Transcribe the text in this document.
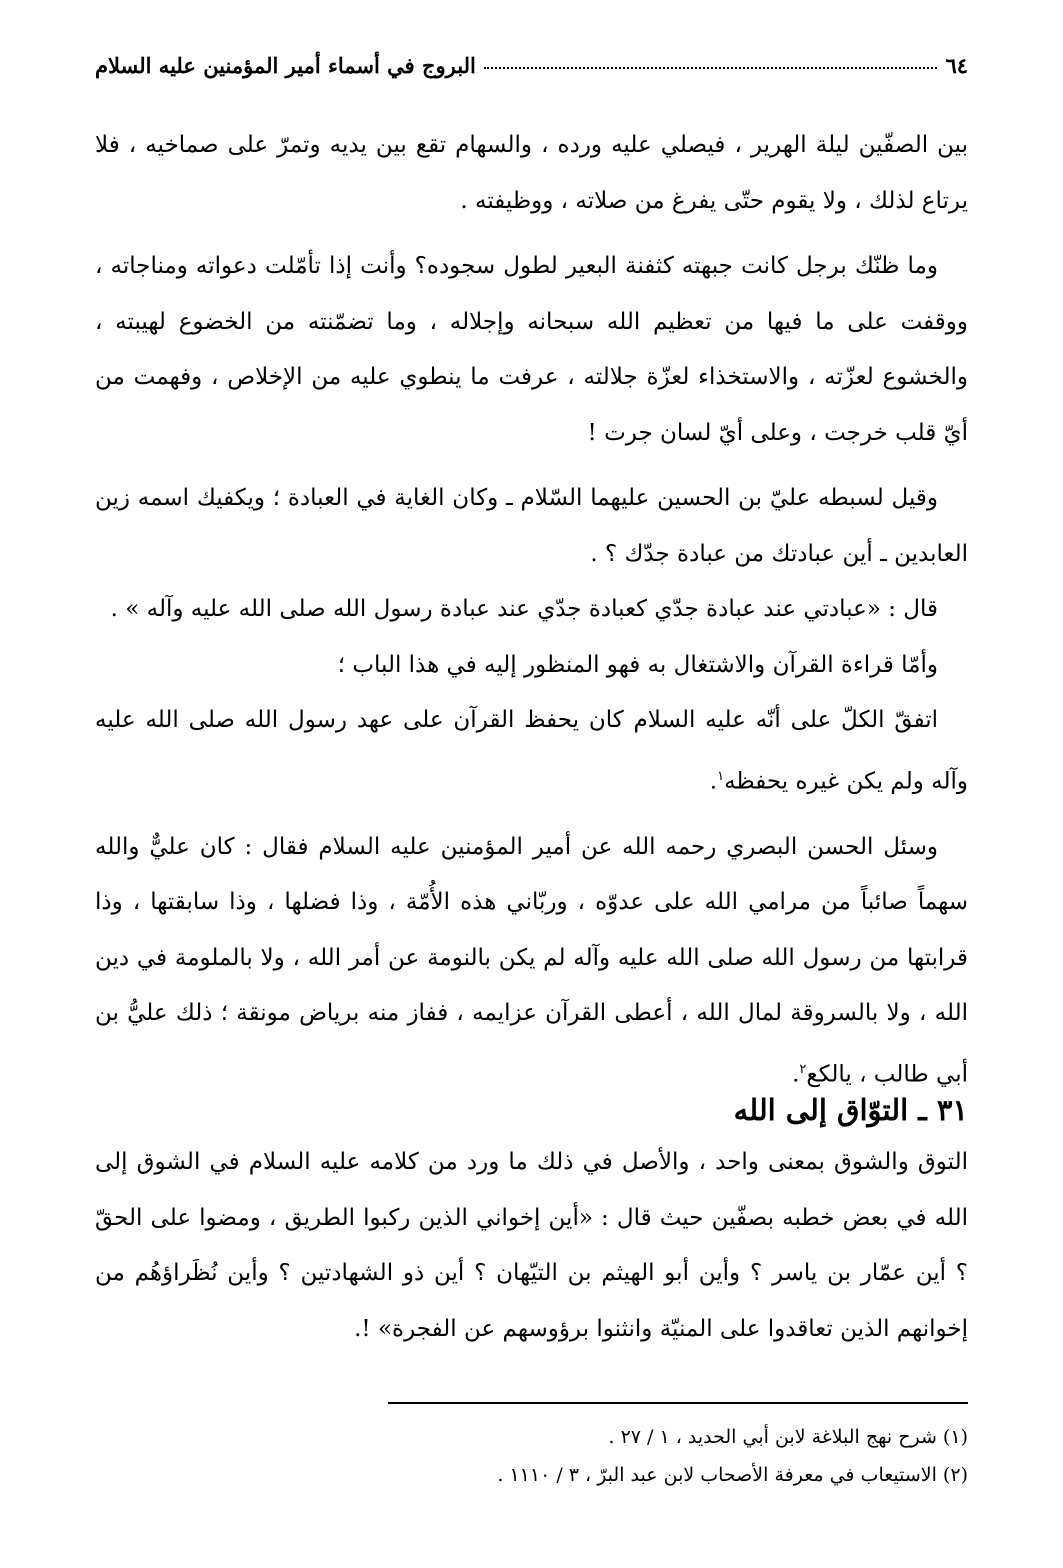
٦٤
البروج في أسماء أمير المؤمنين عليه السلام

بين الصفّين ليلة الهرير ، فيصلي عليه ورده ، والسهام تقع بين يديه وتمرّ على صماخيه ، فلا يرتاع لذلك ، ولا يقوم حتّى يفرغ من صلاته ، ووظيفته .

وما ظنّك برجل كانت جبهته كثفنة البعير لطول سجوده؟ وأنت إذا تأمّلت دعواته ومناجاته ، ووقفت على ما فيها من تعظيم الله سبحانه وإجلاله ، وما تضمّنته من الخضوع لهيبته ، والخشوع لعزّته ، والاستخذاء لعزّة جلالته ، عرفت ما ينطوي عليه من الإخلاص ، وفهمت من أيّ قلب خرجت ، وعلى أيّ لسان جرت !

وقيل لسبطه عليّ بن الحسين عليهما السّلام ـ وكان الغاية في العبادة ؛ ويكفيك اسمه زين العابدين ـ أين عبادتك من عبادة جدّك ؟ .

قال : «عبادتي عند عبادة جدّي كعبادة جدّي عند عبادة رسول الله صلى الله عليه وآله » .

وأمّا قراءة القرآن والاشتغال به فهو المنظور إليه في هذا الباب ؛

اتفقّ الكلّ على أنّه عليه السلام كان يحفظ القرآن على عهد رسول الله صلى الله عليه وآله ولم يكن غيره يحفظه$^١$.

وسئل الحسن البصري رحمه الله عن أمير المؤمنين عليه السلام فقال : كان عليٌّ والله سهماً صائباً من مرامي الله على عدوّه ، وربّاني هذه الأُمّة ، وذا فضلها ، وذا سابقتها ، وذا قرابتها من رسول الله صلى الله عليه وآله لم يكن بالنومة عن أمر الله ، ولا بالملومة في دين الله ، ولا بالسروقة لمال الله ، أعطى القرآن عزايمه ، ففاز منه برياض مونقة ؛ ذلك عليُّ بن أبي طالب ، يالكع$^٢$.

٣١ ـ التوّاق إلى الله

التوق والشوق بمعنى واحد ، والأصل في ذلك ما ورد من كلامه عليه السلام في الشوق إلى الله في بعض خطبه بصفّين حيث قال : «أين إخواني الذين ركبوا الطريق ، ومضوا على الحقّ ؟ أين عمّار بن ياسر ؟ وأين أبو الهيثم بن التيّهان ؟ أين ذو الشهادتين ؟ وأين نُظَراؤهُم من إخوانهم الذين تعاقدوا على المنيّة وانثنوا برؤوسهم عن الفجرة» !.

(١) شرح نهج البلاغة لابن أبي الحديد ، ١ / ٢٧ .

(٢) الاستيعاب في معرفة الأصحاب لابن عبد البرّ ، ٣ / ١١١٠ .
